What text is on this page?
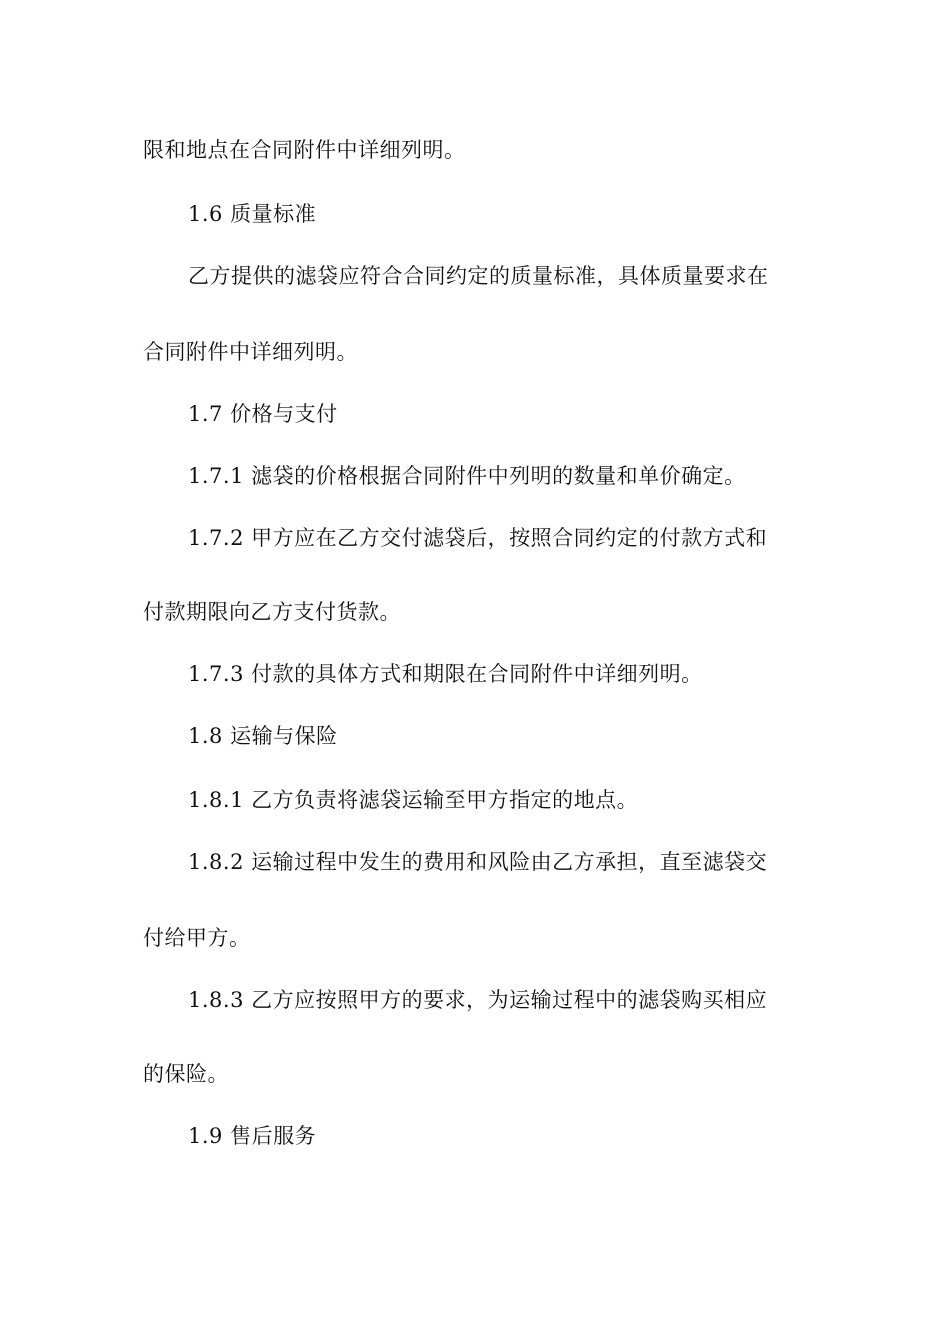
限和地点在合同附件中详细列明。
1.6 质量标准
乙方提供的滤袋应符合合同约定的质量标准，具体质量要求在
合同附件中详细列明。
1.7 价格与支付
1.7.1 滤袋的价格根据合同附件中列明的数量和单价确定。
1.7.2 甲方应在乙方交付滤袋后，按照合同约定的付款方式和
付款期限向乙方支付货款。
1.7.3 付款的具体方式和期限在合同附件中详细列明。
1.8 运输与保险
1.8.1 乙方负责将滤袋运输至甲方指定的地点。
1.8.2 运输过程中发生的费用和风险由乙方承担，直至滤袋交
付给甲方。
1.8.3 乙方应按照甲方的要求，为运输过程中的滤袋购买相应
的保险。
1.9 售后服务
